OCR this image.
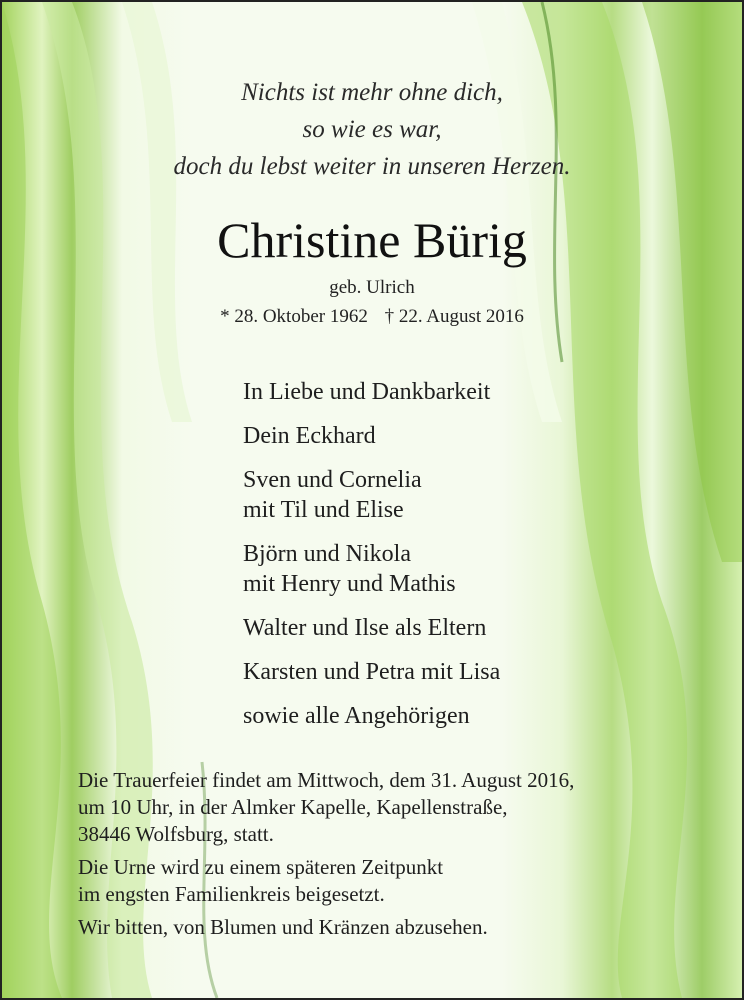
Nichts ist mehr ohne dich,
so wie es war,
doch du lebst weiter in unseren Herzen.
Christine Bürig
geb. Ulrich
* 28. Oktober 1962 † 22. August 2016
In Liebe und Dankbarkeit
Dein Eckhard
Sven und Cornelia
mit Til und Elise
Björn und Nikola
mit Henry und Mathis
Walter und Ilse als Eltern
Karsten und Petra mit Lisa
sowie alle Angehörigen
Die Trauerfeier findet am Mittwoch, dem 31. August 2016,
um 10 Uhr, in der Almker Kapelle, Kapellenstraße,
38446 Wolfsburg, statt.
Die Urne wird zu einem späteren Zeitpunkt
im engsten Familienkreis beigesetzt.
Wir bitten, von Blumen und Kränzen abzusehen.
